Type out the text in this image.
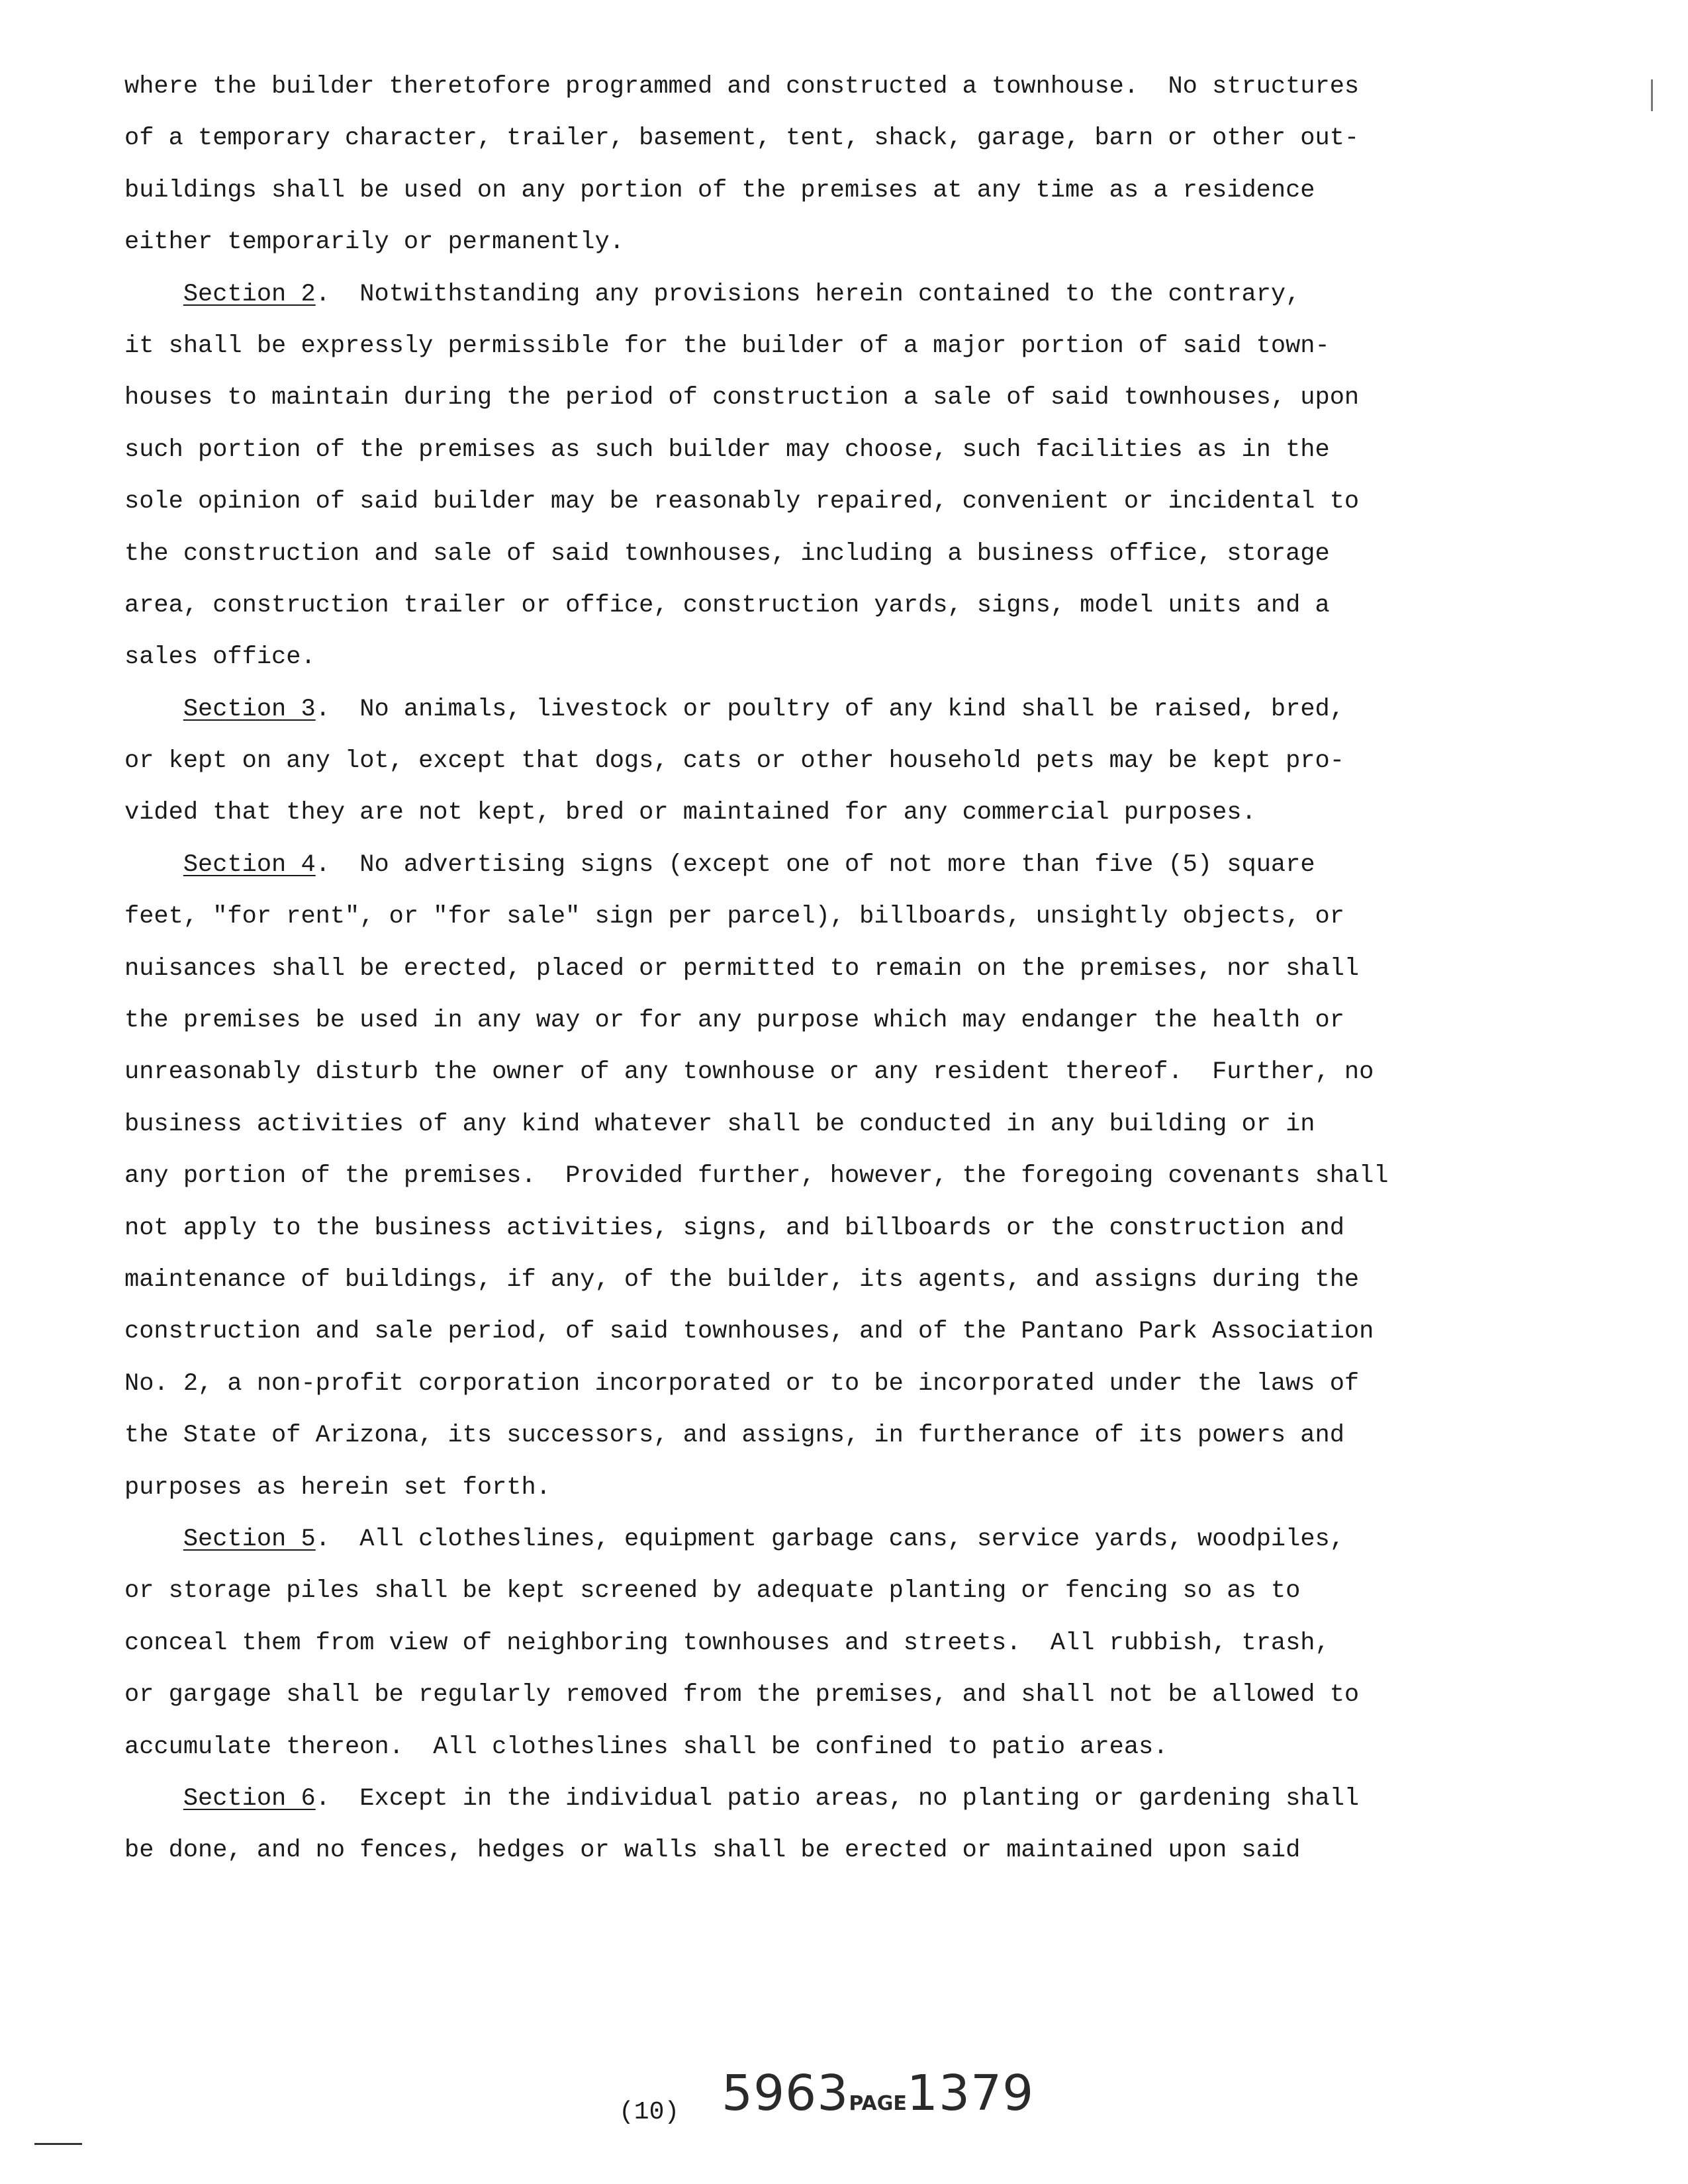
where the builder theretofore programmed and constructed a townhouse.  No structures
of a temporary character, trailer, basement, tent, shack, garage, barn or other out-
buildings shall be used on any portion of the premises at any time as a residence
either temporarily or permanently.
Section 2.  Notwithstanding any provisions herein contained to the contrary,
it shall be expressly permissible for the builder of a major portion of said town-
houses to maintain during the period of construction a sale of said townhouses, upon
such portion of the premises as such builder may choose, such facilities as in the
sole opinion of said builder may be reasonably repaired, convenient or incidental to
the construction and sale of said townhouses, including a business office, storage
area, construction trailer or office, construction yards, signs, model units and a
sales office.
Section 3.  No animals, livestock or poultry of any kind shall be raised, bred,
or kept on any lot, except that dogs, cats or other household pets may be kept pro-
vided that they are not kept, bred or maintained for any commercial purposes.
Section 4.  No advertising signs (except one of not more than five (5) square
feet, "for rent", or "for sale" sign per parcel), billboards, unsightly objects, or
nuisances shall be erected, placed or permitted to remain on the premises, nor shall
the premises be used in any way or for any purpose which may endanger the health or
unreasonably disturb the owner of any townhouse or any resident thereof.  Further, no
business activities of any kind whatever shall be conducted in any building or in
any portion of the premises.  Provided further, however, the foregoing covenants shall
not apply to the business activities, signs, and billboards or the construction and
maintenance of buildings, if any, of the builder, its agents, and assigns during the
construction and sale period, of said townhouses, and of the Pantano Park Association
No. 2, a non-profit corporation incorporated or to be incorporated under the laws of
the State of Arizona, its successors, and assigns, in furtherance of its powers and
purposes as herein set forth.
Section 5.  All clotheslines, equipment garbage cans, service yards, woodpiles,
or storage piles shall be kept screened by adequate planting or fencing so as to
conceal them from view of neighboring townhouses and streets.  All rubbish, trash,
or gargage shall be regularly removed from the premises, and shall not be allowed to
accumulate thereon.  All clotheslines shall be confined to patio areas.
Section 6.  Except in the individual patio areas, no planting or gardening shall
be done, and no fences, hedges or walls shall be erected or maintained upon said
(10) 5963PAGE1379
